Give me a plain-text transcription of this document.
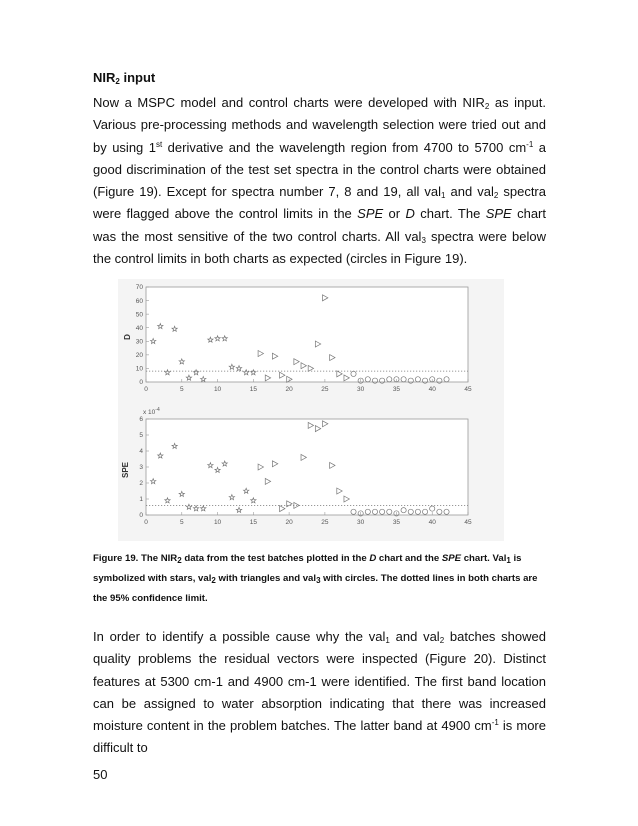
$NIR_2$ input
Now a MSPC model and control charts were developed with $NIR_2$ as input. Various pre-processing methods and wavelength selection were tried out and by using 1st derivative and the wavelength region from 4700 to 5700 $cm^{-1}$ a good discrimination of the test set spectra in the control charts were obtained (Figure 19). Except for spectra number 7, 8 and 19, all val$_1$ and val$_2$ spectra were flagged above the control limits in the SPE or D chart. The SPE chart was the most sensitive of the two control charts. All val$_3$ spectra were below the control limits in both charts as expected (circles in Figure 19).
D
0
10
20
30
40
50
60
70
0	5	10	15	20	25	30	35	40	45
SPE
x $10^{-4}$
0
1
2
3
4
5
6
0	5	10	15	20	25	30	35	40	45
Figure 19. The $NIR_2$ data from the test batches plotted in the D chart and the SPE chart. Val$_1$ is symbolized with stars, val$_2$ with triangles and val$_3$ with circles. The dotted lines in both charts are the 95% confidence limit.
In order to identify a possible cause why the val$_1$ and val$_2$ batches showed quality problems the residual vectors were inspected (Figure 20). Distinct features at 5300 cm-1 and 4900 cm-1 were identified. The first band location can be assigned to water absorption indicating that there was increased moisture content in the problem batches. The latter band at 4900 $cm^{-1}$ is more difficult to
50
